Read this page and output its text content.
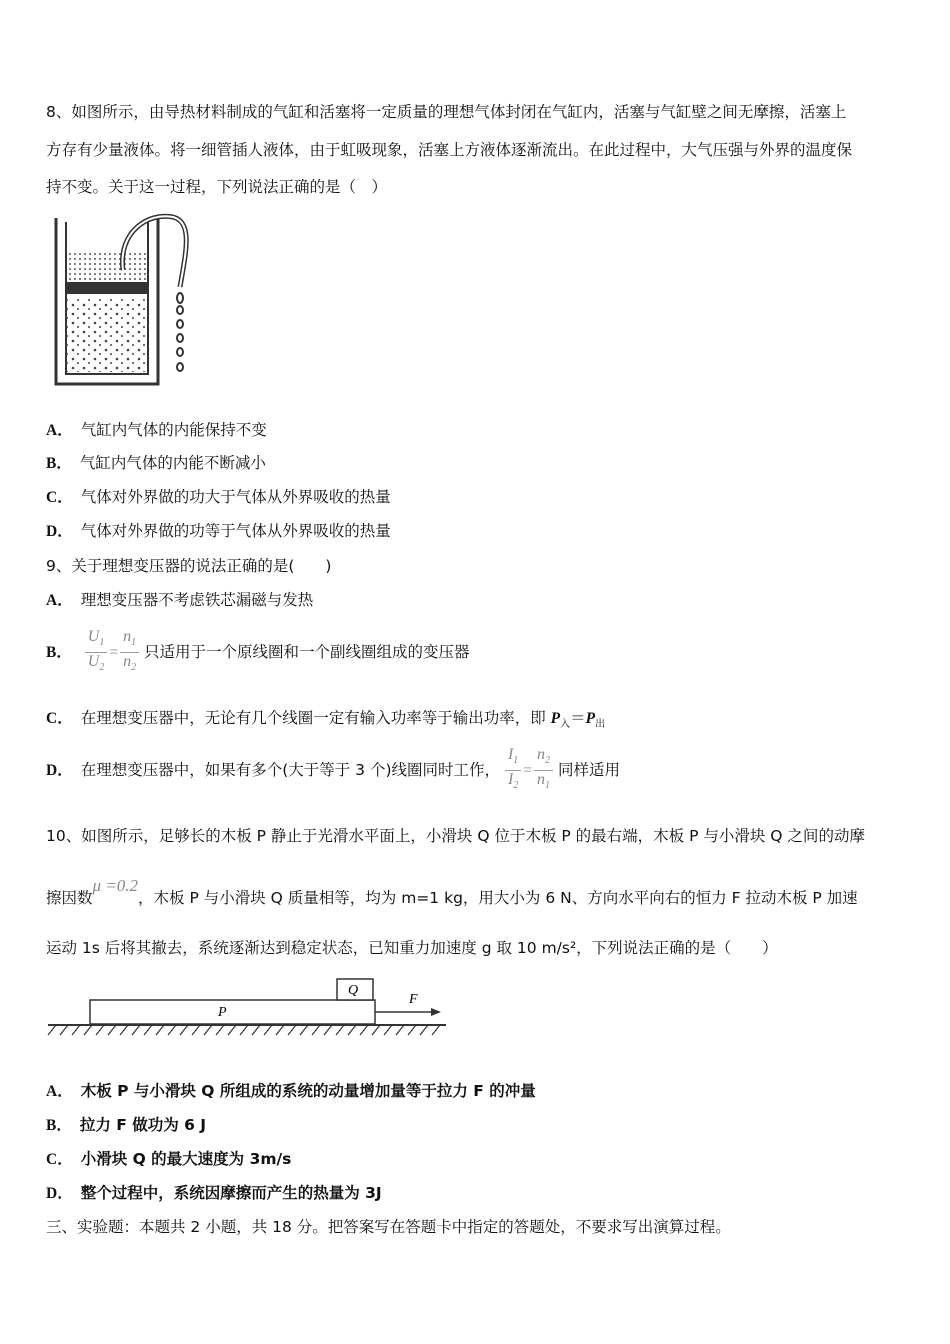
8、如图所示，由导热材料制成的气缸和活塞将一定质量的理想气体封闭在气缸内，活塞与气缸壁之间无摩擦，活塞上
方存有少量液体。将一细管插人液体，由于虹吸现象，活塞上方液体逐渐流出。在此过程中，大气压强与外界的温度保
持不变。关于这一过程，下列说法正确的是（　）
A． 气缸内气体的内能保持不变
B． 气缸内气体的内能不断减小
C． 气体对外界做的功大于气体从外界吸收的热量
D． 气体对外界做的功等于气体从外界吸收的热量
9、关于理想变压器的说法正确的是(　　)
A． 理想变压器不考虑铁芯漏磁与发热
B． $\frac{U_1}{U_2} = \frac{n_1}{n_2}$ 只适用于一个原线圈和一个副线圈组成的变压器
C． 在理想变压器中，无论有几个线圈一定有输入功率等于输出功率，即 $P_入=P_出$
D． 在理想变压器中，如果有多个(大于等于 3 个)线圈同时工作， $\frac{I_1}{I_2} = \frac{n_2}{n_1}$ 同样适用
10、如图所示，足够长的木板 P 静止于光滑水平面上，小滑块 Q 位于木板 P 的最右端，木板 P 与小滑块 Q 之间的动摩
擦因数μ =0.2，木板 P 与小滑块 Q 质量相等，均为 m=1 kg，用大小为 6 N、方向水平向右的恒力 F 拉动木板 P 加速
运动 1s 后将其撤去，系统逐渐达到稳定状态，已知重力加速度 g 取 10 m/s²，下列说法正确的是（　　）
P
Q
F
A． 木板 P 与小滑块 Q 所组成的系统的动量增加量等于拉力 F 的冲量
B． 拉力 F 做功为 6 J
C． 小滑块 Q 的最大速度为 3m/s
D． 整个过程中，系统因摩擦而产生的热量为 3J
三、实验题：本题共 2 小题，共 18 分。把答案写在答题卡中指定的答题处，不要求写出演算过程。
